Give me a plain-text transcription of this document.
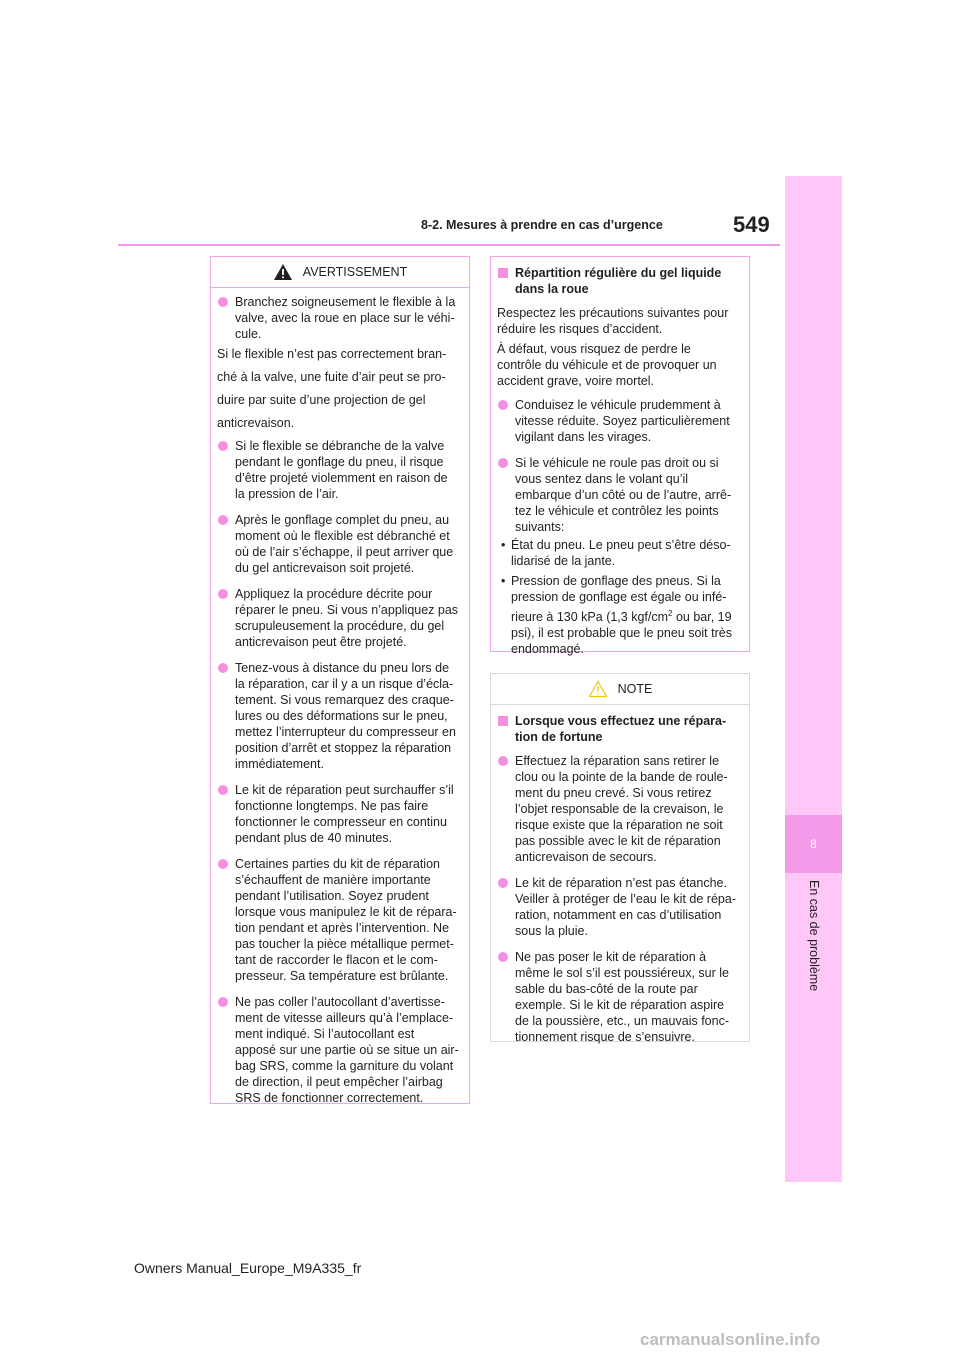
8-2. Mesures à prendre en cas d’urgence	549
8
En cas de problème
AVERTISSEMENT
Branchez soigneusement le flexible à la
valve, avec la roue en place sur le véhi-
cule.
Si le flexible n’est pas correctement bran-
ché à la valve, une fuite d’air peut se pro-
duire par suite d’une projection de gel
anticrevaison.
Si le flexible se débranche de la valve
pendant le gonflage du pneu, il risque
d’être projeté violemment en raison de
la pression de l’air.
Après le gonflage complet du pneu, au
moment où le flexible est débranché et
où de l’air s’échappe, il peut arriver que
du gel anticrevaison soit projeté.
Appliquez la procédure décrite pour
réparer le pneu. Si vous n’appliquez pas
scrupuleusement la procédure, du gel
anticrevaison peut être projeté.
Tenez-vous à distance du pneu lors de
la réparation, car il y a un risque d’écla-
tement. Si vous remarquez des craque-
lures ou des déformations sur le pneu,
mettez l’interrupteur du compresseur en
position d’arrêt et stoppez la réparation
immédiatement.
Le kit de réparation peut surchauffer s’il
fonctionne longtemps. Ne pas faire
fonctionner le compresseur en continu
pendant plus de 40 minutes.
Certaines parties du kit de réparation
s’échauffent de manière importante
pendant l’utilisation. Soyez prudent
lorsque vous manipulez le kit de répara-
tion pendant et après l’intervention. Ne
pas toucher la pièce métallique permet-
tant de raccorder le flacon et le com-
presseur. Sa température est brûlante.
Ne pas coller l’autocollant d’avertisse-
ment de vitesse ailleurs qu’à l’emplace-
ment indiqué. Si l’autocollant est
apposé sur une partie où se situe un air-
bag SRS, comme la garniture du volant
de direction, il peut empêcher l’airbag
SRS de fonctionner correctement.
Répartition régulière du gel liquide
dans la roue
Respectez les précautions suivantes pour
réduire les risques d’accident.
À défaut, vous risquez de perdre le
contrôle du véhicule et de provoquer un
accident grave, voire mortel.
Conduisez le véhicule prudemment à
vitesse réduite. Soyez particulièrement
vigilant dans les virages.
Si le véhicule ne roule pas droit ou si
vous sentez dans le volant qu’il
embarque d’un côté ou de l’autre, arrê-
tez le véhicule et contrôlez les points
suivants:
• État du pneu. Le pneu peut s’être déso-
lidarisé de la jante.
• Pression de gonflage des pneus. Si la
pression de gonflage est égale ou infé-
rieure à 130 kPa (1,3 kgf/$cm^2$ ou bar, 19
psi), il est probable que le pneu soit très
endommagé.
NOTE
Lorsque vous effectuez une répara-
tion de fortune
Effectuez la réparation sans retirer le
clou ou la pointe de la bande de roule-
ment du pneu crevé. Si vous retirez
l’objet responsable de la crevaison, le
risque existe que la réparation ne soit
pas possible avec le kit de réparation
anticrevaison de secours.
Le kit de réparation n’est pas étanche.
Veiller à protéger de l’eau le kit de répa-
ration, notamment en cas d’utilisation
sous la pluie.
Ne pas poser le kit de réparation à
même le sol s’il est poussiéreux, sur le
sable du bas-côté de la route par
exemple. Si le kit de réparation aspire
de la poussière, etc., un mauvais fonc-
tionnement risque de s’ensuivre.
Owners Manual_Europe_M9A335_fr
carmanualsonline.info
